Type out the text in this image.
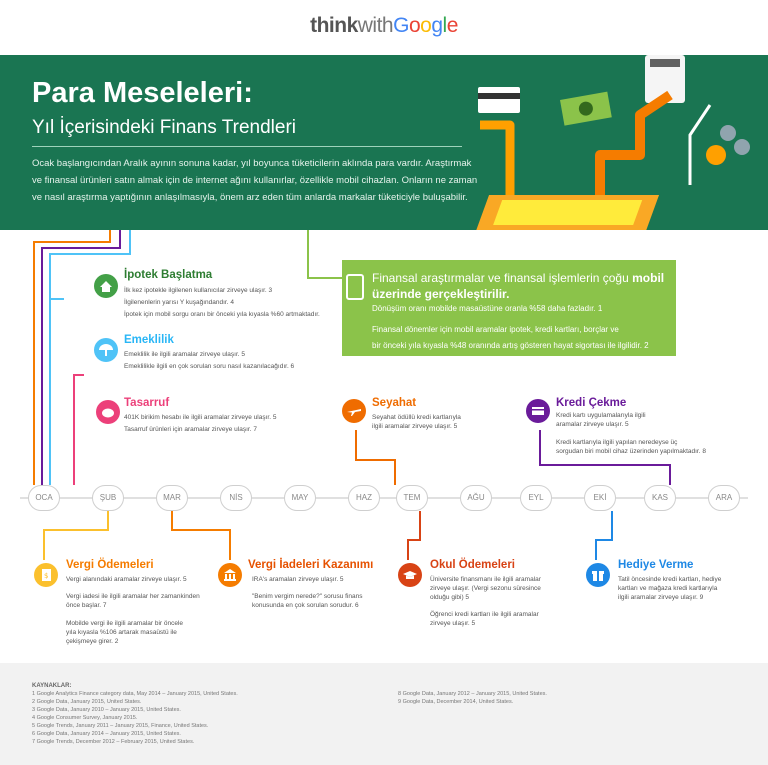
thinkwithGoogle
Para Meseleleri:
Yıl İçerisindeki Finans Trendleri
Ocak başlangıcından Aralık ayının sonuna kadar, yıl boyunca tüketicilerin aklında para vardır. Araştırmak
ve finansal ürünleri satın almak için de internet ağını kullanırlar, özellikle mobil cihazlan. Onların ne zaman
ve nasıl araştırma yaptığının anlaşılmasıyla, önem arz eden tüm anlarda markalar tüketiciyle buluşabilir.
Finansal araştırmalar ve finansal işlemlerin çoğu mobil
üzerinde gerçekleştirilir.
Dönüşüm oranı mobilde masaüstüne oranla %58 daha fazladır. 1
Finansal dönemler için mobil aramalar ipotek, kredi kartları, borçlar ve
bir önceki yıla kıyasla %48 oranında artış gösteren hayat sigortası ile ilgilidir. 2
İpotek Başlatma
İlk kez ipotekle ilgilenen kullanıcılar zirveye ulaşır. 3
İlgilenenlerin yarısı Y kuşağındandır. 4
İpotek için mobil sorgu oranı bir önceki yıla kıyasla %60 artmaktadır.
Emeklilik
Emeklilik ile ilgili aramalar zirveye ulaşır. 5
Emeklilikle ilgili en çok sorulan soru nasıl kazanılacağıdır. 6
Tasarruf
401K birikim hesabı ile ilgili aramalar zirveye ulaşır. 5
Tasarruf ürünleri için aramalar zirveye ulaşır. 7
Seyahat
Seyahat ödüllü kredi kartlarıyla
ilgili aramalar zirveye ulaşır. 5
Kredi Çekme
Kredi kartı uygulamalarıyla ilgili
aramalar zirveye ulaşır. 5
Kredi kartlarıyla ilgili yapılan neredeyse üç
sorgudan biri mobil cihaz üzerinden yapılmaktadır. 8
OCA	ŞUB	MAR	NİS	MAY	HAZ	TEM	AĞU	EYL	EKİ	KAS	ARA
$
Vergi Ödemeleri
Vergi alanındaki aramalar zirveye ulaşır. 5
Vergi iadesi ile ilgili aramalar her zamankinden
önce başlar. 7
Mobilde vergi ile ilgili aramalar bir öncele
yıla kıyasla %106 artarak masaüstü ile
çekişmeye girer. 2
Vergi İadeleri Kazanımı
IRA's aramaları zirveye ulaşır. 5
"Benim vergim nerede?" sorusu finans
konusunda en çok sorulan sorudur. 6
Okul Ödemeleri
Üniversite finansmanı ile ilgili aramalar
zirveye ulaşır. (Vergi sezonu süresince
olduğu gibi) 5
Öğrenci kredi kartları ile ilgili aramalar
zirveye ulaşır. 5
Hediye Verme
Tatil öncesinde kredi kartları, hediye
kartları ve mağaza kredi kartlarıyla
ilgili aramalar zirveye ulaşır. 9
KAYNAKLAR:
1 Google Analytics Finance category data, May 2014 – January 2015, United States.
2 Google Data, January 2015, United States.
3 Google Data, January 2010 – January 2015, United States.
4 Google Consumer Survey, January 2015.
5 Google Trends, January 2011 – January 2015, Finance, United States.
6 Google Data, January 2014 – January 2015, United States.
7 Google Trends, December 2012 – February 2015, United States.
8 Google Data, January 2012 – January 2015, United States.
9 Google Data, December 2014, United States.
